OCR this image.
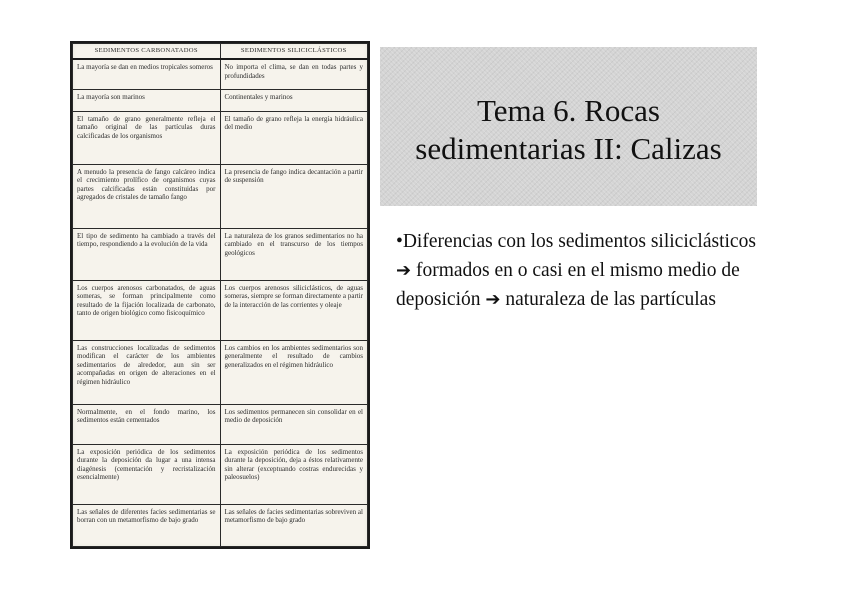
SEDIMENTOS CARBONATADOS	SEDIMENTOS SILICICLÁSTICOS
La mayoría se dan en medios tropicales someros	No importa el clima, se dan en todas partes y profundidades
La mayoría son marinos	Continentales y marinos
El tamaño de grano generalmente refleja el tamaño original de las partículas duras calcificadas de los organismos	El tamaño de grano refleja la energía hidráulica del medio
A menudo la presencia de fango calcáreo indica el crecimiento prolífico de organismos cuyas partes calcificadas están constituidas por agregados de cristales de tamaño fango	La presencia de fango indica decantación a partir de suspensión
El tipo de sedimento ha cambiado a través del tiempo, respondiendo a la evolución de la vida	La naturaleza de los granos sedimentarios no ha cambiado en el transcurso de los tiempos geológicos
Los cuerpos arenosos carbonatados, de aguas someras, se forman principalmente como resultado de la fijación localizada de carbonato, tanto de origen biológico como fisicoquímico	Los cuerpos arenosos siliciclásticos, de aguas someras, siempre se forman directamente a partir de la interacción de las corrientes y oleaje
Las construcciones localizadas de sedimentos modifican el carácter de los ambientes sedimentarios de alrededor, aun sin ser acompañadas en origen de alteraciones en el régimen hidráulico	Los cambios en los ambientes sedimentarios son generalmente el resultado de cambios generalizados en el régimen hidráulico
Normalmente, en el fondo marino, los sedimentos están cementados	Los sedimentos permanecen sin consolidar en el medio de deposición
La exposición periódica de los sedimentos durante la deposición da lugar a una intensa diagénesis (cementación y recristalización esencialmente)	La exposición periódica de los sedimentos durante la deposición, deja a éstos relativamente sin alterar (exceptuando costras endurecidas y paleosuelos)
Las señales de diferentes facies sedimentarias se borran con un metamorfismo de bajo grado	Las señales de facies sedimentarias sobreviven al metamorfismo de bajo grado
Tema 6. Rocas
sedimentarias II: Calizas
•Diferencias con los sedimentos siliciclásticos ➔ formados en o casi en el mismo medio de deposición ➔ naturaleza de las partículas
